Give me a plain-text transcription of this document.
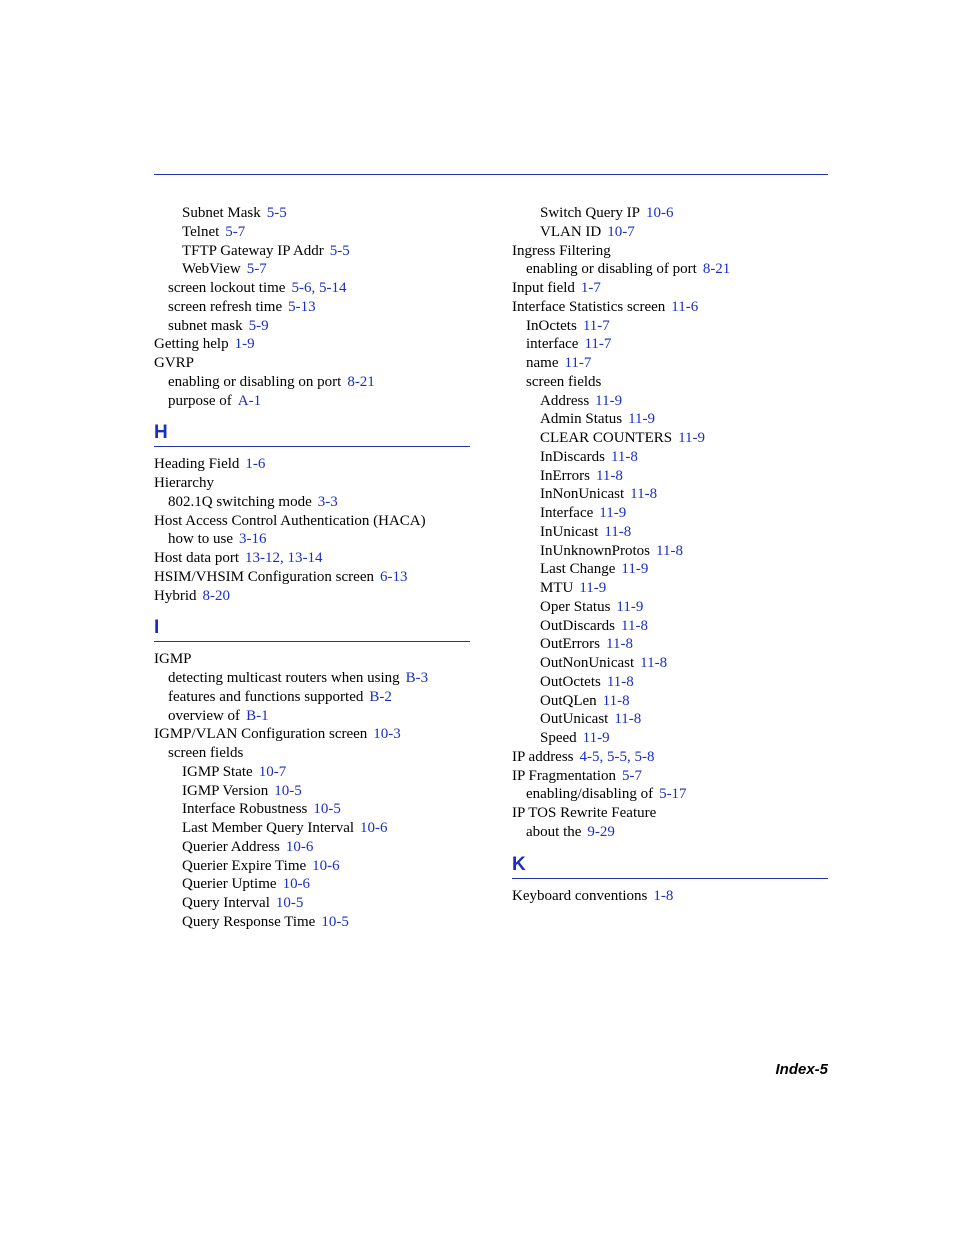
Subnet Mask 5-5
Telnet 5-7
TFTP Gateway IP Addr 5-5
WebView 5-7
screen lockout time 5-6, 5-14
screen refresh time 5-13
subnet mask 5-9
Getting help 1-9
GVRP
enabling or disabling on port 8-21
purpose of A-1
H
Heading Field 1-6
Hierarchy
802.1Q switching mode 3-3
Host Access Control Authentication (HACA)
how to use 3-16
Host data port 13-12, 13-14
HSIM/VHSIM Configuration screen 6-13
Hybrid 8-20
I
IGMP
detecting multicast routers when using B-3
features and functions supported B-2
overview of B-1
IGMP/VLAN Configuration screen 10-3
screen fields
IGMP State 10-7
IGMP Version 10-5
Interface Robustness 10-5
Last Member Query Interval 10-6
Querier Address 10-6
Querier Expire Time 10-6
Querier Uptime 10-6
Query Interval 10-5
Query Response Time 10-5
Switch Query IP 10-6
VLAN ID 10-7
Ingress Filtering
enabling or disabling of port 8-21
Input field 1-7
Interface Statistics screen 11-6
InOctets 11-7
interface 11-7
name 11-7
screen fields
Address 11-9
Admin Status 11-9
CLEAR COUNTERS 11-9
InDiscards 11-8
InErrors 11-8
InNonUnicast 11-8
Interface 11-9
InUnicast 11-8
InUnknownProtos 11-8
Last Change 11-9
MTU 11-9
Oper Status 11-9
OutDiscards 11-8
OutErrors 11-8
OutNonUnicast 11-8
OutOctets 11-8
OutQLen 11-8
OutUnicast 11-8
Speed 11-9
IP address 4-5, 5-5, 5-8
IP Fragmentation 5-7
enabling/disabling of 5-17
IP TOS Rewrite Feature
about the 9-29
K
Keyboard conventions 1-8
Index-5
